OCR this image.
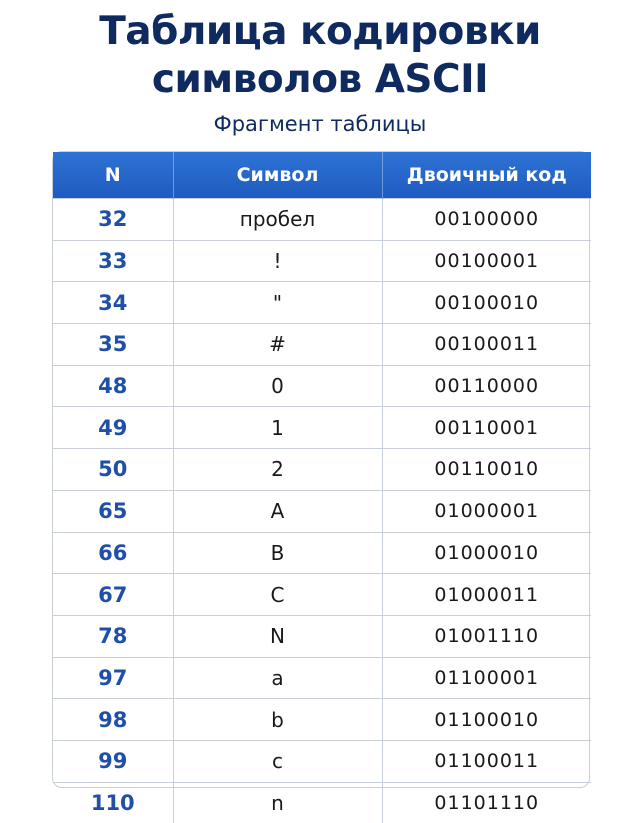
Таблица кодировки
символов ASCII
Фрагмент таблицы
N	Символ	Двоичный код
32	пробел	00100000
33	!	00100001
34	"	00100010
35	#	00100011
48	0	00110000
49	1	00110001
50	2	00110010
65	A	01000001
66	B	01000010
67	C	01000011
78	N	01001110
97	a	01100001
98	b	01100010
99	c	01100011
110	n	01101110
